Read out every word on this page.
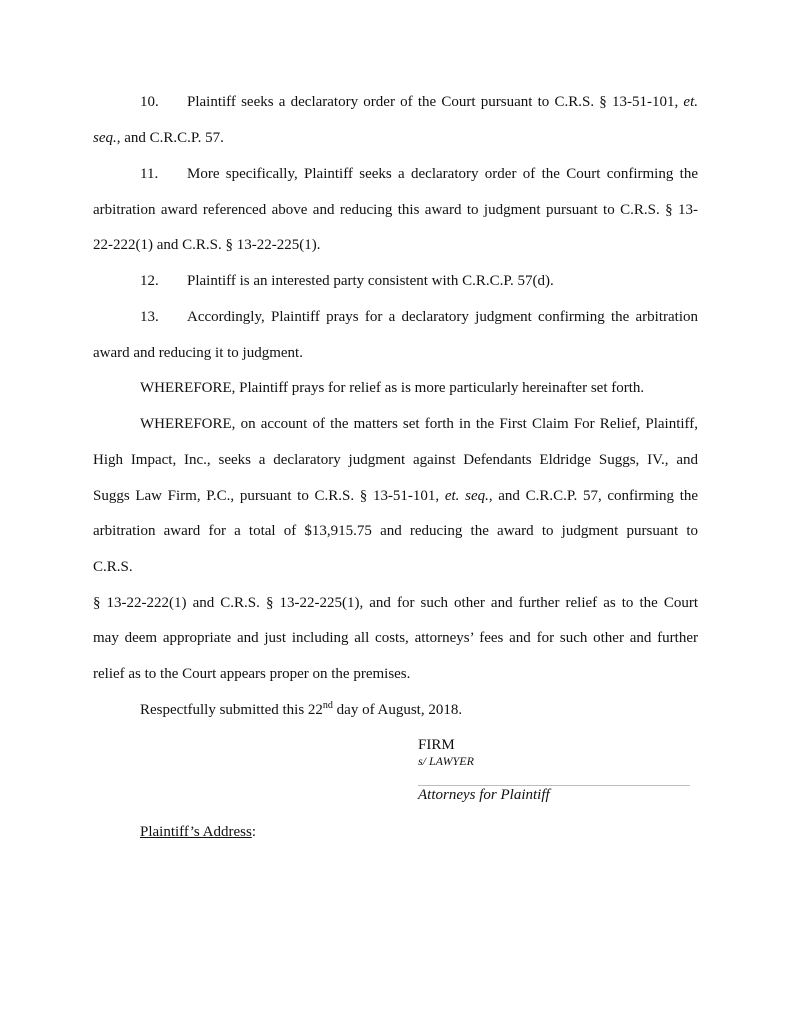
10. Plaintiff seeks a declaratory order of the Court pursuant to C.R.S. § 13-51-101, et.
seq., and C.R.C.P. 57.
11. More specifically, Plaintiff seeks a declaratory order of the Court confirming the
arbitration award referenced above and reducing this award to judgment pursuant to C.R.S. § 13-
22-222(1) and C.R.S. § 13-22-225(1).
12. Plaintiff is an interested party consistent with C.R.C.P. 57(d).
13. Accordingly, Plaintiff prays for a declaratory judgment confirming the arbitration
award and reducing it to judgment.
WHEREFORE, Plaintiff prays for relief as is more particularly hereinafter set forth.
WHEREFORE, on account of the matters set forth in the First Claim For Relief, Plaintiff,
High Impact, Inc., seeks a declaratory judgment against Defendants Eldridge Suggs, IV., and
Suggs Law Firm, P.C., pursuant to C.R.S. § 13-51-101, et. seq., and C.R.C.P. 57, confirming the
arbitration award for a total of $13,915.75 and reducing the award to judgment pursuant to
C.R.S.
§ 13-22-222(1) and C.R.S. § 13-22-225(1), and for such other and further relief as to the Court
may deem appropriate and just including all costs, attorneys’ fees and for such other and further
relief as to the Court appears proper on the premises.
Respectfully submitted this 22nd day of August, 2018.
FIRM
s/ LAWYER
Attorneys for Plaintiff
Plaintiff’s Address:
